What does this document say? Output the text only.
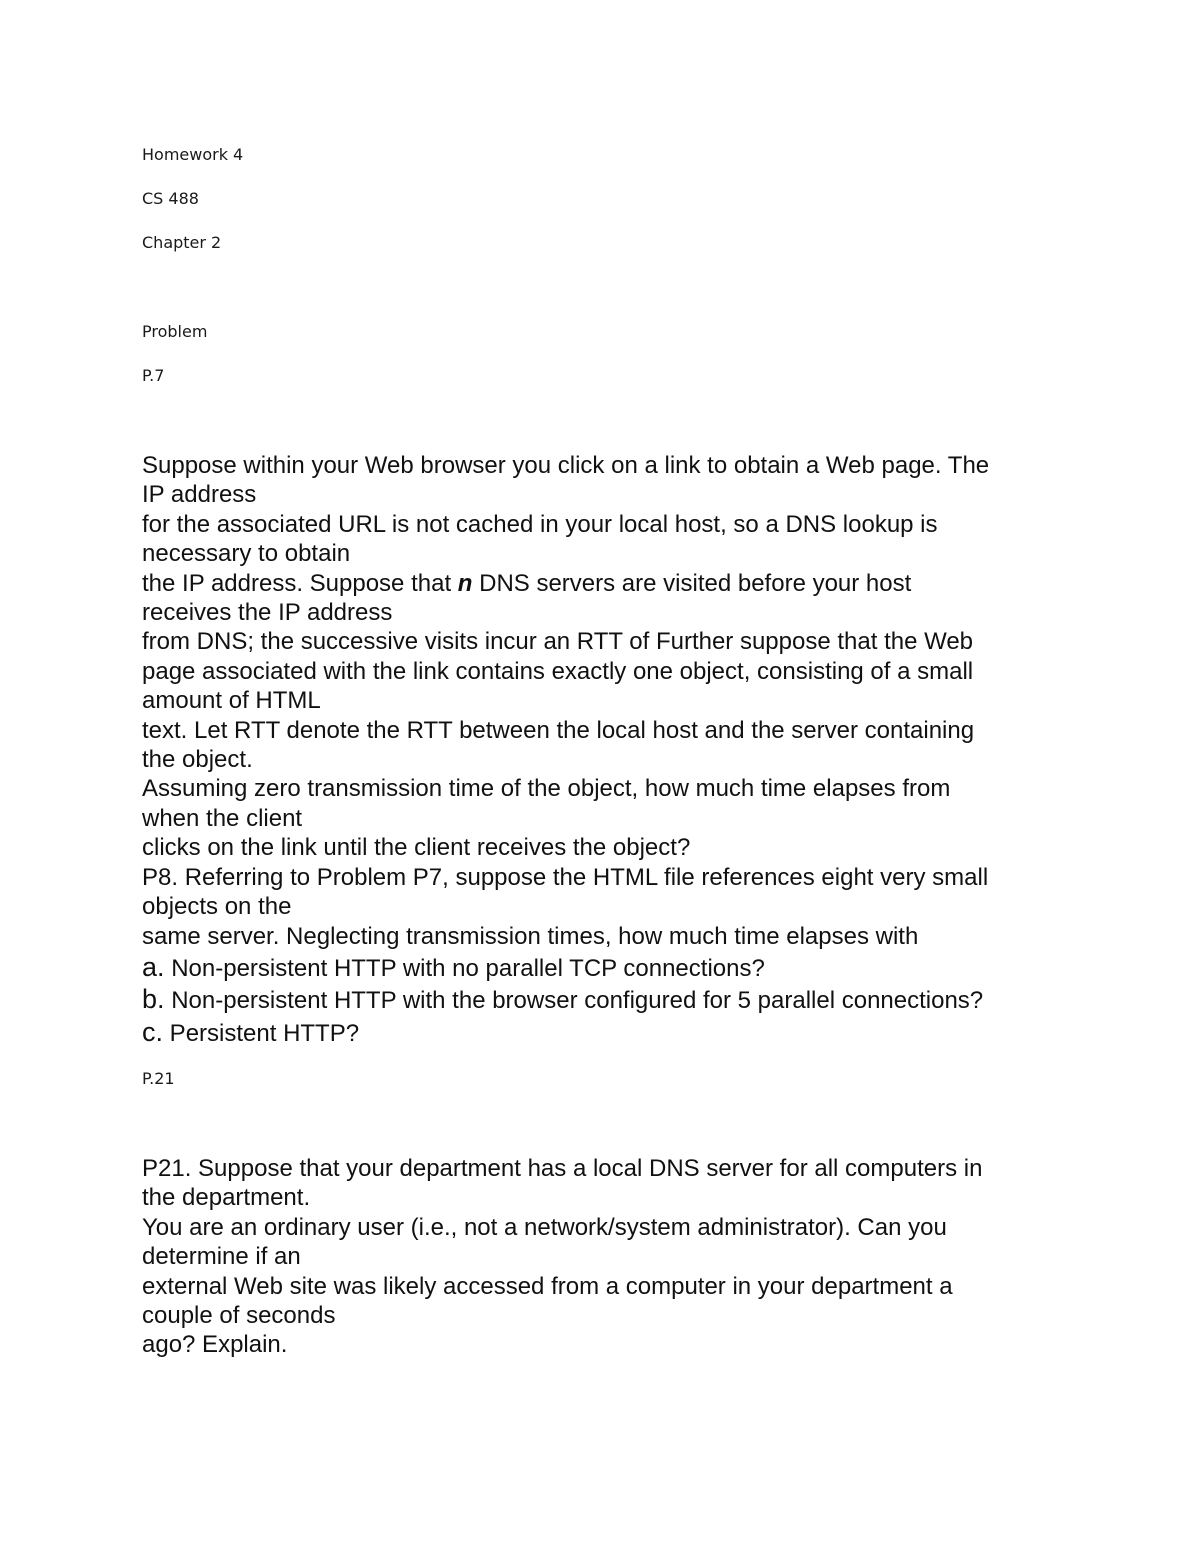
Homework 4

CS 488

Chapter 2

Problem

P.7

Suppose within your Web browser you click on a link to obtain a Web page. The
IP address
for the associated URL is not cached in your local host, so a DNS lookup is
necessary to obtain
the IP address. Suppose that n DNS servers are visited before your host
receives the IP address
from DNS; the successive visits incur an RTT of Further suppose that the Web
page associated with the link contains exactly one object, consisting of a small
amount of HTML
text. Let RTT denote the RTT between the local host and the server containing
the object.
Assuming zero transmission time of the object, how much time elapses from
when the client
clicks on the link until the client receives the object?
P8. Referring to Problem P7, suppose the HTML file references eight very small
objects on the
same server. Neglecting transmission times, how much time elapses with
a. Non-persistent HTTP with no parallel TCP connections?
b. Non-persistent HTTP with the browser configured for 5 parallel connections?
c. Persistent HTTP?

P.21

P21. Suppose that your department has a local DNS server for all computers in
the department.
You are an ordinary user (i.e., not a network/system administrator). Can you
determine if an
external Web site was likely accessed from a computer in your department a
couple of seconds
ago? Explain.
